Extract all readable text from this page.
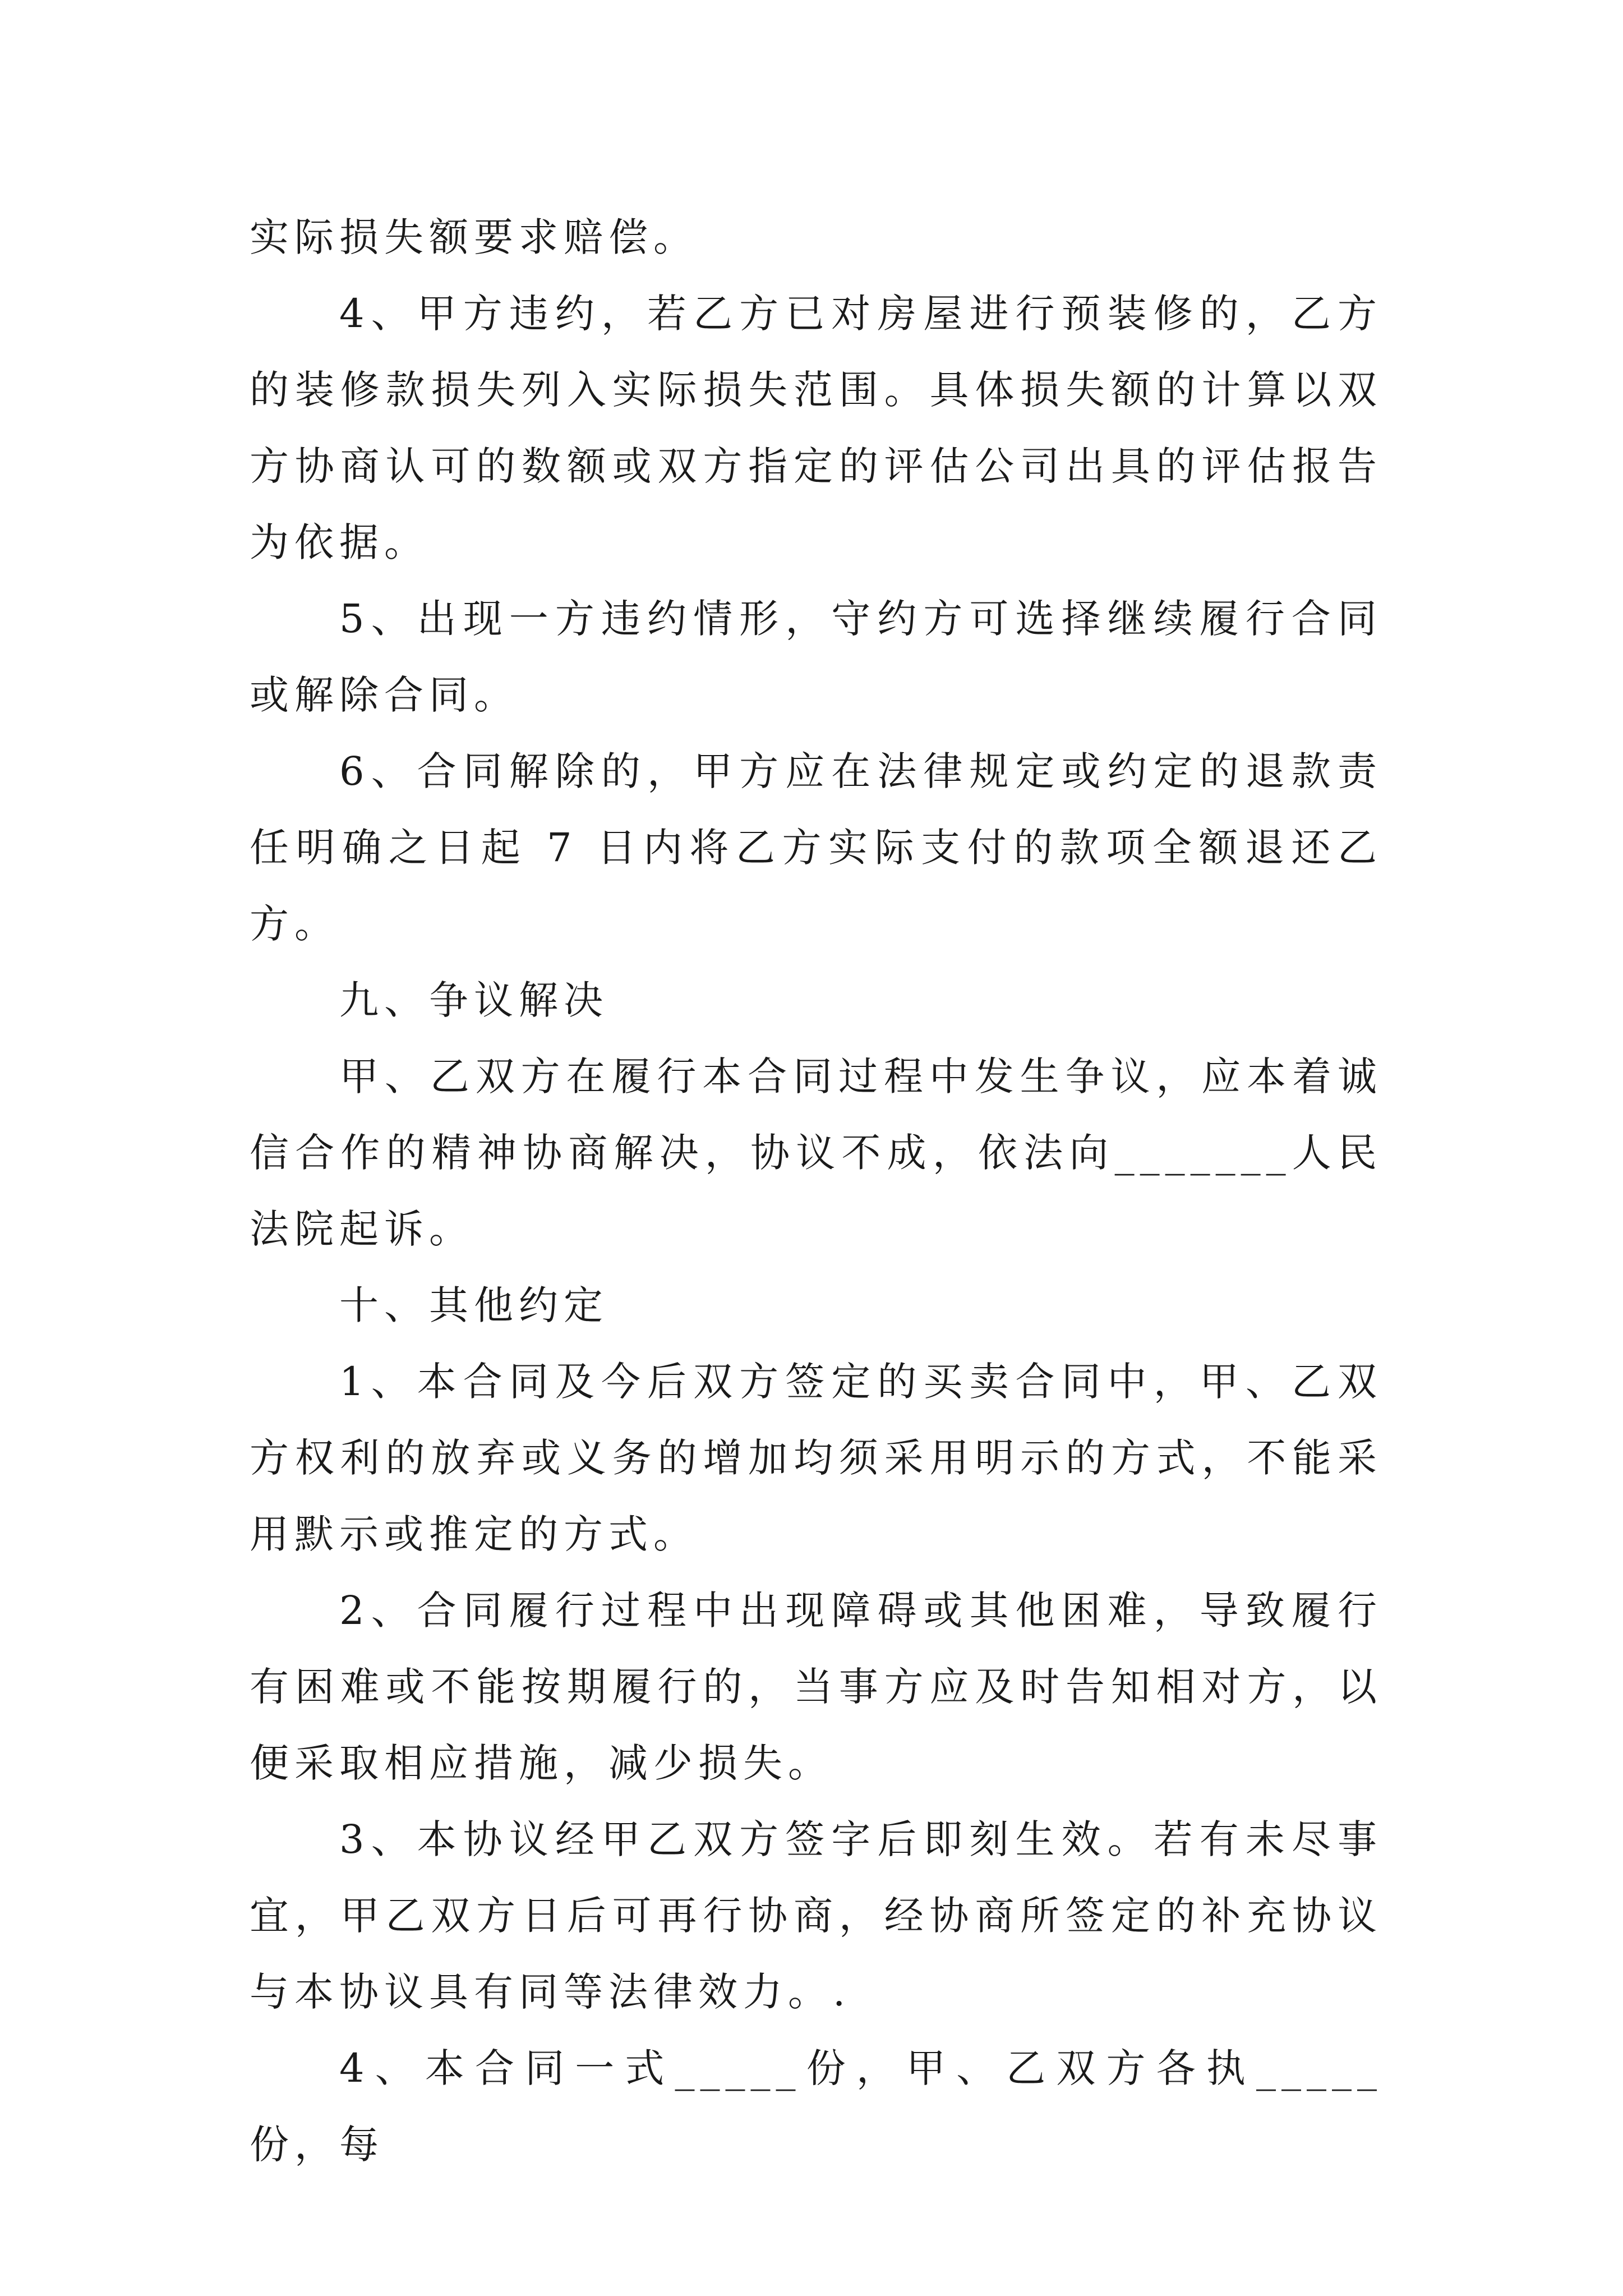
实际损失额要求赔偿。

4、甲方违约，若乙方已对房屋进行预装修的，乙方的装修款损失列入实际损失范围。具体损失额的计算以双方协商认可的数额或双方指定的评估公司出具的评估报告为依据。

5、出现一方违约情形，守约方可选择继续履行合同或解除合同。

6、合同解除的，甲方应在法律规定或约定的退款责任明确之日起 7 日内将乙方实际支付的款项全额退还乙方。

九、争议解决

甲、乙双方在履行本合同过程中发生争议，应本着诚信合作的精神协商解决，协议不成，依法向_______人民法院起诉。

十、其他约定

1、本合同及今后双方签定的买卖合同中，甲、乙双方权利的放弃或义务的增加均须采用明示的方式，不能采用默示或推定的方式。

2、合同履行过程中出现障碍或其他困难，导致履行有困难或不能按期履行的，当事方应及时告知相对方，以便采取相应措施，减少损失。

3、本协议经甲乙双方签字后即刻生效。若有未尽事宜，甲乙双方日后可再行协商，经协商所签定的补充协议与本协议具有同等法律效力。.

4、本合同一式_____份，甲、乙双方各执_____份，每
